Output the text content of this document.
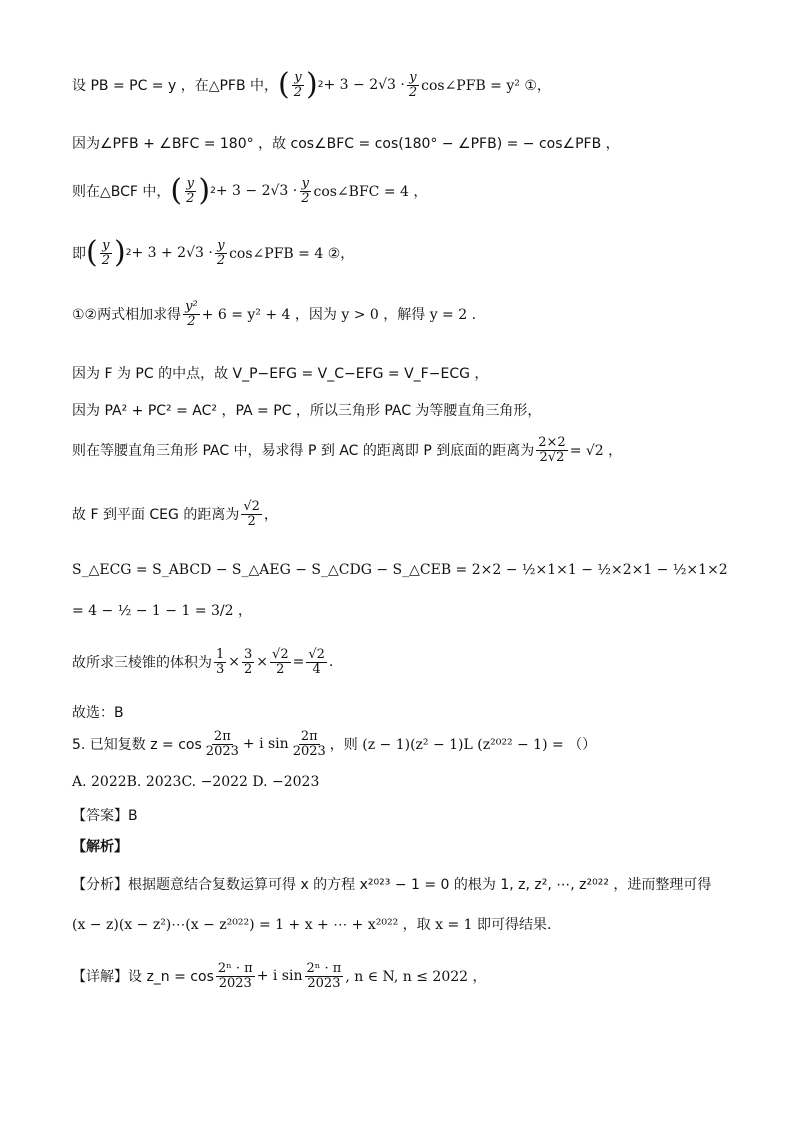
设 PB = PC = y ，在△PFB 中， ( $\frac{y}{2}$ ) $2 + 3 - 2√3 \cdot \frac{y}{2}$ cos∠PFB = y² ①，
因为∠PFB + ∠BFC = 180° ，故 cos∠BFC = cos(180° − ∠PFB) = − cos∠PFB ，
则在△BCF 中， ( $\frac{y}{2}$ ) $2 + 3 - 2√3 \cdot \frac{y}{2}$ cos∠BFC = 4 ，
即 ( $\frac{y}{2}$ ) $2 + 3 + 2√3 \cdot \frac{y}{2}$ cos∠PFB = 4 ②，
①②两式相加求得 $\frac{\text{y²}}{2} + 6 = y^2 + 4$ ，因为 y > 0 ，解得 y = 2 .
因为 F 为 PC 的中点，故 V_P−EFG = V_C−EFG = V_F−ECG ，
因为 PA² + PC² = AC² ，PA = PC ，所以三角形 PAC 为等腰直角三角形，
则在等腰直角三角形 PAC 中，易求得 P 到 AC 的距离即 P 到底面的距离为 $\frac{2\times 2}{2√2} = √2$ ，
故 F 到平面 CEG 的距离为 $\frac{√2}{2}$ ，
S_△ECG = S_ABCD − S_△AEG − S_△CDG − S_△CEB = 2×2 − ½×1×1 − ½×2×1 − ½×1×2
= 4 − ½ − 1 − 1 = 3/2 ，
故所求三棱锥的体积为 $\frac{1}{3} \times \frac{3}{2} \times \frac{√2}{2} = \frac{√2}{4}$ .
故选：B
5. 已知复数 $z = \cos \frac{2\pi}{2023} + i$ $\sin \frac{2\pi}{2023}$ ，则 (z − 1)(z² − 1)L (z²⁰²² − 1) = （）
A. 2022B. 2023C. −2022 D. −2023
【答案】B
【解析】
【分析】根据题意结合复数运算可得 x 的方程 x²⁰²³ − 1 = 0 的根为 1, z, z², ⋯, z²⁰²² ，进而整理可得
(x − z)(x − z²)⋯(x − z²⁰²²) = 1 + x + ⋯ + x²⁰²² ，取 x = 1 即可得结果.
【详解】设 z_n = $\cos \frac{\text{2ⁿ · π}}{2023} + i$ $\sin \frac{\text{2ⁿ · π}}{2023}$ , n ∈ N, n ≤ 2022 ，
